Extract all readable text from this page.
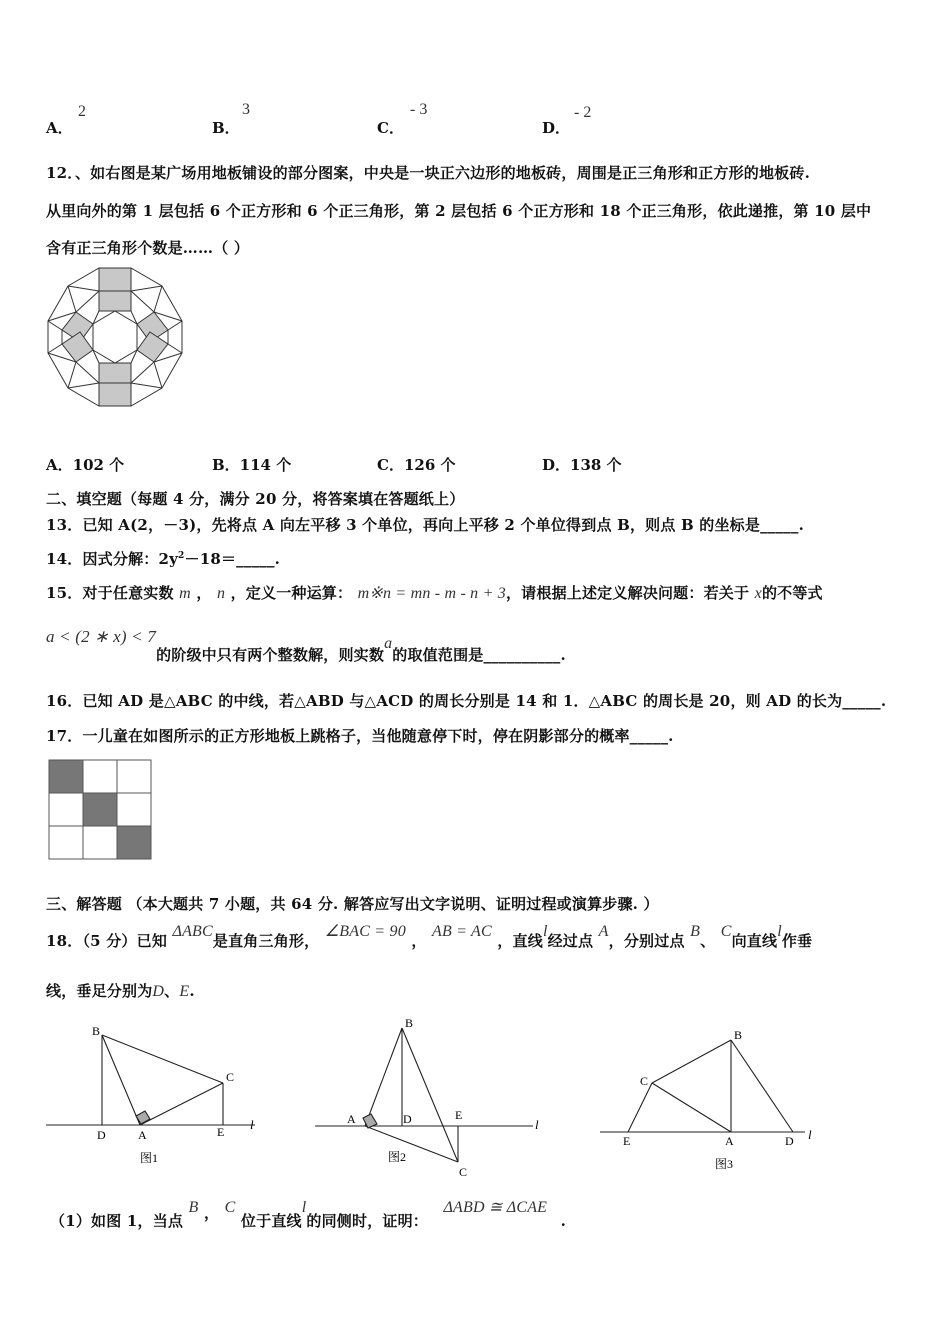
A．
2
B．
3
C．
- 3
D．
- 2
12．、如右图是某广场用地板铺设的部分图案，中央是一块正六边形的地板砖，周围是正三角形和正方形的地板砖.
从里向外的第 1 层包括 6 个正方形和 6 个正三角形，第 2 层包括 6 个正方形和 18 个正三角形，依此递推，第 10 层中
含有正三角形个数是……（ ）
A．102 个	B．114 个	C．126 个	D．138 个
二、填空题（每题 4 分，满分 20 分，将答案填在答题纸上）
13．已知 A(2，－3)，先将点 A 向左平移 3 个单位，再向上平移 2 个单位得到点 B，则点 B 的坐标是_____.
14．因式分解：$2y^2-18=\_\_\_\_\_$.
15．对于任意实数 m ， n ，定义一种运算： m※n = mn - m - n + 3，请根据上述定义解决问题：若关于 x的不等式
a < (2 ∗ x) < 7的阶级中只有两个整数解，则实数a的取值范围是__________.
16．已知 AD 是△ABC 的中线，若△ABD 与△ACD 的周长分别是 14 和 1．△ABC 的周长是 20，则 AD 的长为_____.
17．一儿童在如图所示的正方形地板上跳格子，当他随意停下时，停在阴影部分的概率_____.
三、解答题 （本大题共 7 小题，共 64 分. 解答应写出文字说明、证明过程或演算步骤. ）
18．（5 分）已知 ΔABC是直角三角形， ∠BAC = 90 ， AB = AC ，直线l经过点 A，分别过点 B、 C向直线l作垂
线，垂足分别为D、E.
B
C
D	A	E l
图1
B
A	D	E
C
l
图2
B
C
E	A	D l
图3
（1）如图 1，当点 B ， C 位于直线l的同侧时，证明： ΔABD ≅ ΔCAE .
